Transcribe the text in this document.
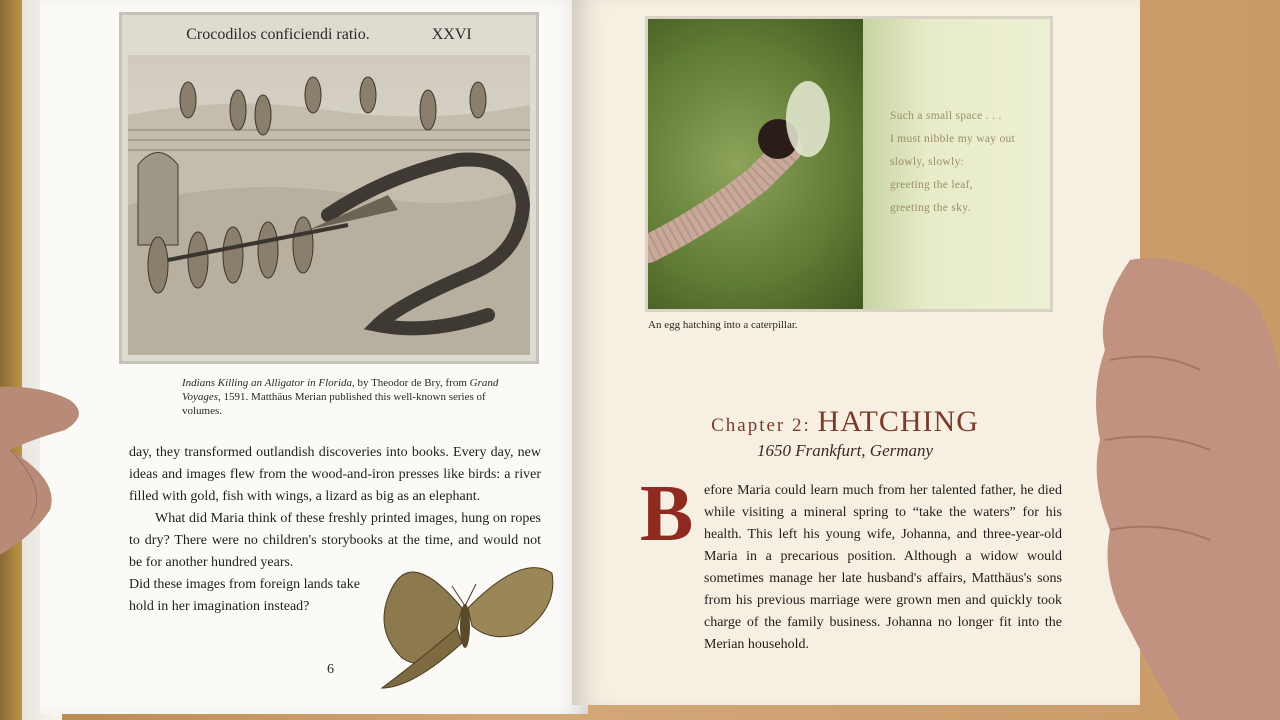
Crocodilos conficiendi ratio.	XXVI
Indians Killing an Alligator in Florida, by Theodor de Bry, from Grand Voyages, 1591. Matthäus Merian published this well-known series of volumes.

day, they transformed outlandish discoveries into books. Every day, new ideas and images flew from the wood-and-iron presses like birds: a river filled with gold, fish with wings, a lizard as big as an elephant.

What did Maria think of these freshly printed images, hung on ropes to dry? There were no children's storybooks at the time, and would not be for another hundred years.

Did these images from foreign lands take hold in her imagination instead?

6
Such a small space . . .
I must nibble my way out
slowly, slowly:
greeting the leaf,
greeting the sky.
An egg hatching into a caterpillar.
Chapter 2: HATCHING
1650 Frankfurt, Germany
B efore Maria could learn much from her talented father, he died while visiting a mineral spring to “take the waters” for his health. This left his young wife, Johanna, and three-year-old Maria in a precarious position. Although a widow would sometimes manage her late husband's affairs, Matthäus's sons from his previous marriage were grown men and quickly took charge of the family business. Johanna no longer fit into the Merian household.
